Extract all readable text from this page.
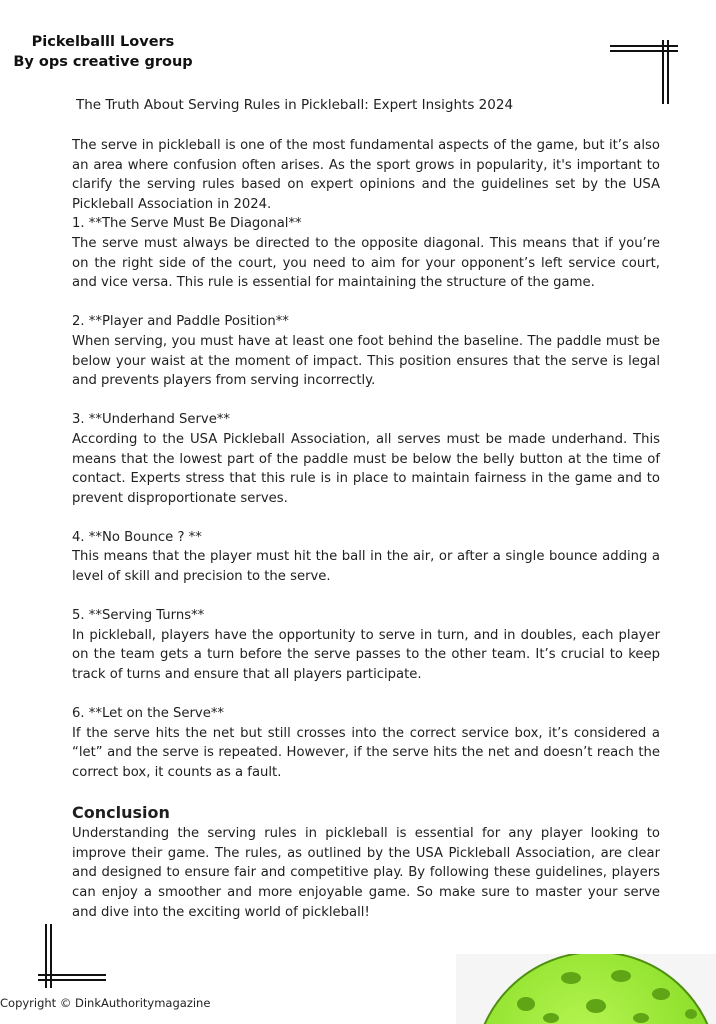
Pickelballl Lovers
By ops creative group
The Truth About Serving Rules in Pickleball: Expert Insights 2024

The serve in pickleball is one of the most fundamental aspects of the game, but it’s also an area where confusion often arises. As the sport grows in popularity, it's important to clarify the serving rules based on expert opinions and the guidelines set by the USA Pickleball Association in 2024.

1. **The Serve Must Be Diagonal**

The serve must always be directed to the opposite diagonal. This means that if you’re on the right side of the court, you need to aim for your opponent’s left service court, and vice versa. This rule is essential for maintaining the structure of the game.

2. **Player and Paddle Position**

When serving, you must have at least one foot behind the baseline. The paddle must be below your waist at the moment of impact. This position ensures that the serve is legal and prevents players from serving incorrectly.

3. **Underhand Serve**

According to the USA Pickleball Association, all serves must be made underhand. This means that the lowest part of the paddle must be below the belly button at the time of contact. Experts stress that this rule is in place to maintain fairness in the game and to prevent disproportionate serves.

4. **No Bounce ? **

This means that the player must hit the ball in the air, or after a single bounce adding a level of skill and precision to the serve.

5. **Serving Turns**

In pickleball, players have the opportunity to serve in turn, and in doubles, each player on the team gets a turn before the serve passes to the other team. It’s crucial to keep track of turns and ensure that all players participate.

6. **Let on the Serve**

If the serve hits the net but still crosses into the correct service box, it’s considered a “let” and the serve is repeated. However, if the serve hits the net and doesn’t reach the correct box, it counts as a fault.

Conclusion

Understanding the serving rules in pickleball is essential for any player looking to improve their game. The rules, as outlined by the USA Pickleball Association, are clear and designed to ensure fair and competitive play. By following these guidelines, players can enjoy a smoother and more enjoyable game. So make sure to master your serve and dive into the exciting world of pickleball!

Copyright © DinkAuthoritymagazine
